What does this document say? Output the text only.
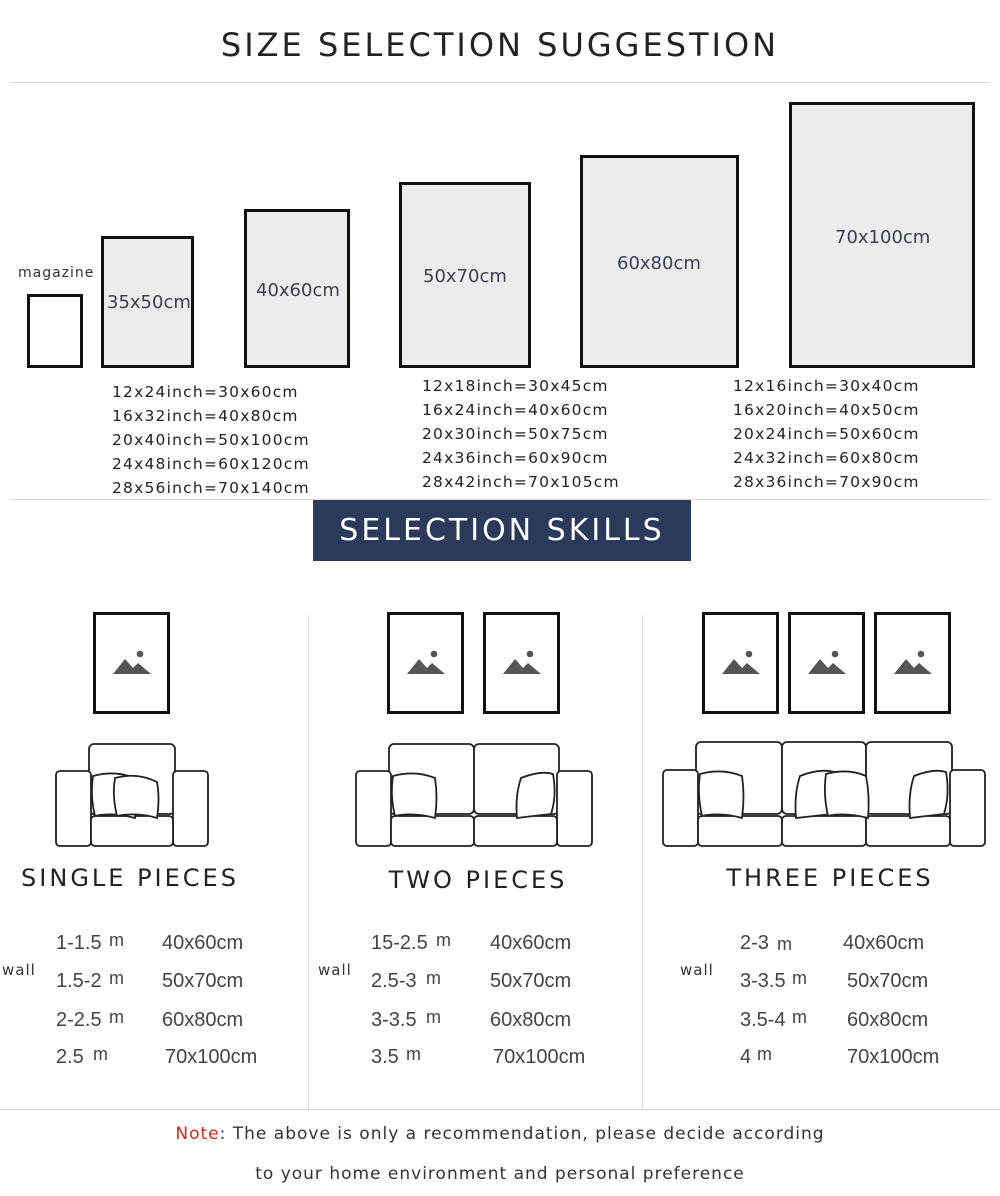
SIZE SELECTION SUGGESTION
magazine
35x50cm
40x60cm
50x70cm
60x80cm
70x100cm
12x24inch=30x60cm
16x32inch=40x80cm
20x40inch=50x100cm
24x48inch=60x120cm
28x56inch=70x140cm
12x18inch=30x45cm
16x24inch=40x60cm
20x30inch=50x75cm
24x36inch=60x90cm
28x42inch=70x105cm
12x16inch=30x40cm
16x20inch=40x50cm
20x24inch=50x60cm
24x32inch=60x80cm
28x36inch=70x90cm
SELECTION SKILLS
SINGLE PIECES	TWO PIECES	THREE PIECES
wall
1-1.5 m 40x60cm
1.5-2 m 50x70cm
2-2.5 m 60x80cm
2.5 m	70x100cm
wall
15-2.5 m 40x60cm
2.5-3 m 50x70cm
3-3.5 m 60x80cm
3.5 m	70x100cm
wall
2-3 m	40x60cm
3-3.5 m 50x70cm
3.5-4 m 60x80cm
4 m	70x100cm
Note: The above is only a recommendation, please decide according
to your home environment and personal preference
